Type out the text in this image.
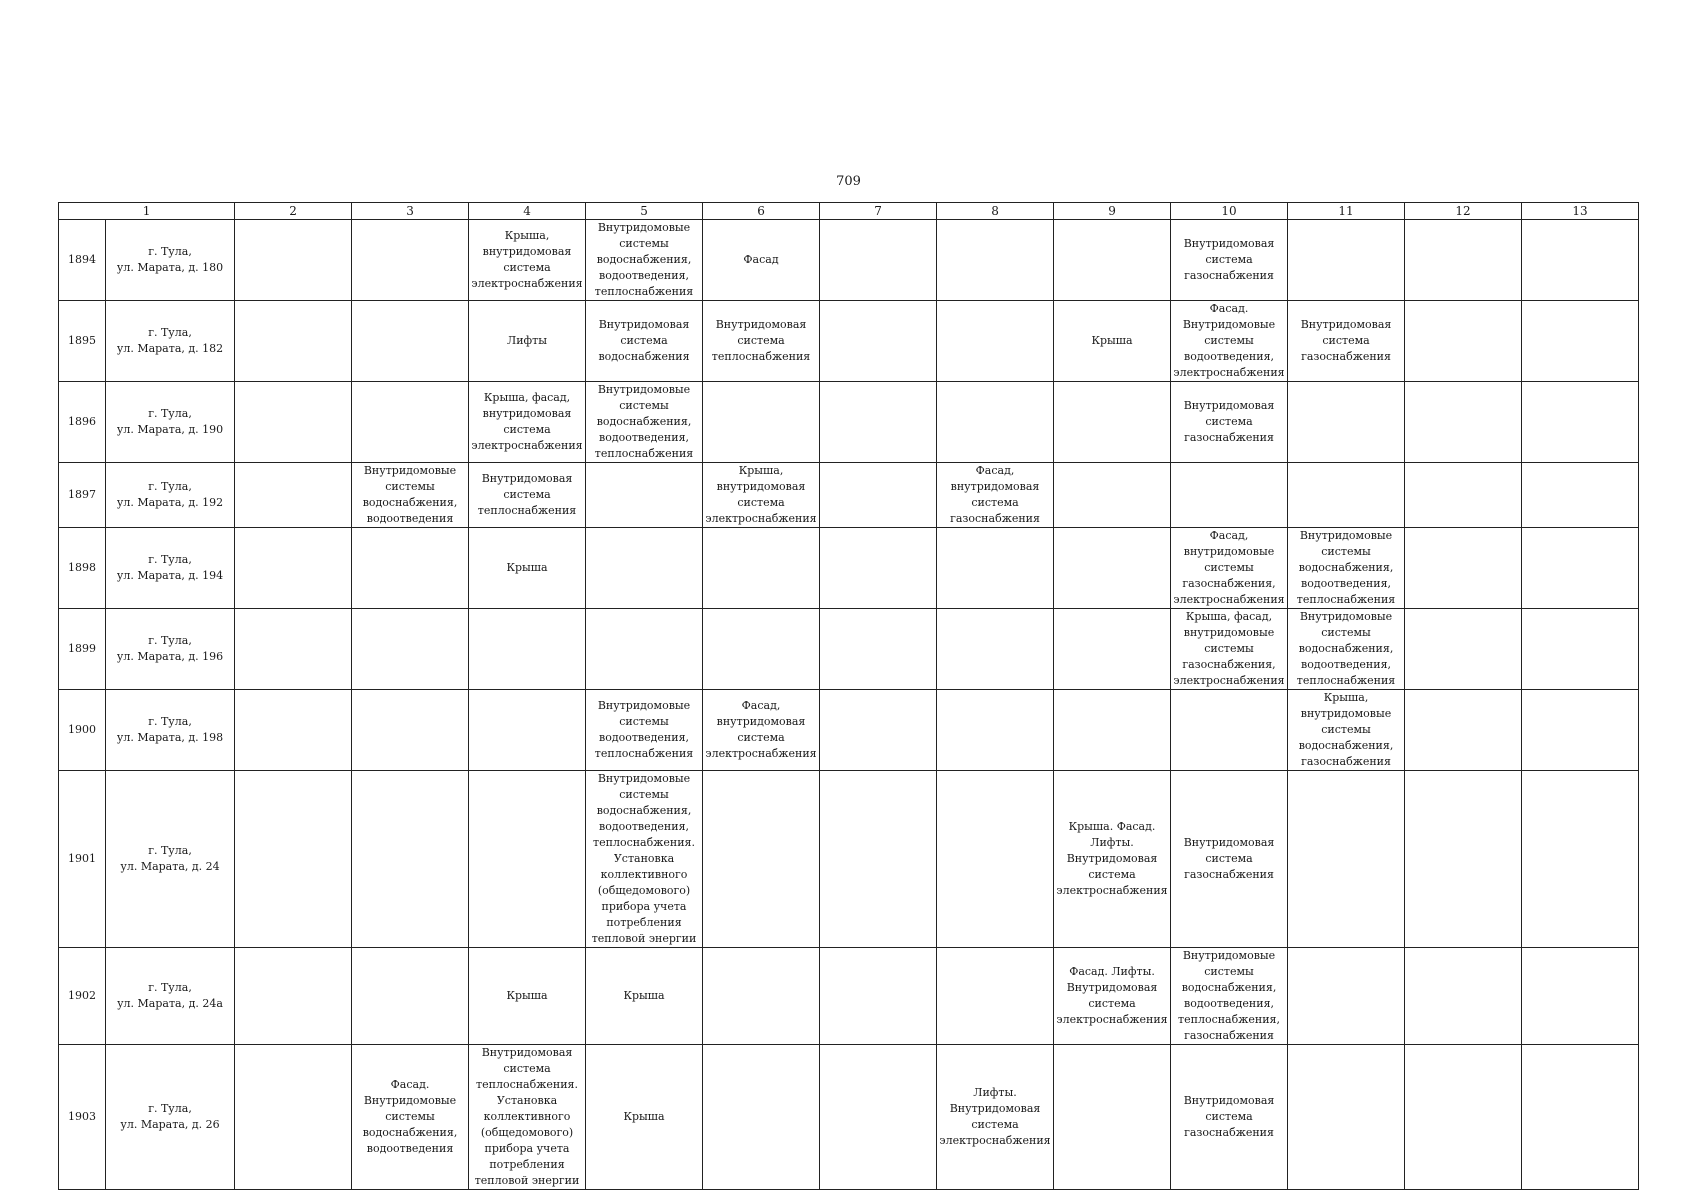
709
1		2	3	4	5	6	7	8	9	10	11	12	13
1894	г. Тула,
ул. Марата, д. 180			Крыша, внутридомовая система электроснабжения	Внутридомовые системы водоснабжения, водоотведения, теплоснабжения	Фасад				Внутридомовая система газоснабжения			

1895	г. Тула,
ул. Марата, д. 182			Лифты	Внутридомовая система водоснабжения	Внутридомовая система теплоснабжения			Крыша	Фасад. Внутридомовые системы водоотведения, электроснабжения	Внутридомовая система газоснабжения		

1896	г. Тула,
ул. Марата, д. 190			Крыша, фасад, внутридомовая система электроснабжения	Внутридомовые системы водоснабжения, водоотведения, теплоснабжения					Внутридомовая система газоснабжения			

1897	г. Тула,
ул. Марата, д. 192		Внутридомовые системы водоснабжения, водоотведения	Внутридомовая система теплоснабжения		Крыша, внутридомовая система электроснабжения		Фасад, внутридомовая система газоснабжения					

1898	г. Тула,
ул. Марата, д. 194			Крыша						Фасад, внутридомовые системы газоснабжения, электроснабжения	Внутридомовые системы водоснабжения, водоотведения, теплоснабжения		

1899	г. Тула,
ул. Марата, д. 196									Крыша, фасад, внутридомовые системы газоснабжения, электроснабжения	Внутридомовые системы водоснабжения, водоотведения, теплоснабжения		

1900	г. Тула,
ул. Марата, д. 198				Внутридомовые системы водоотведения, теплоснабжения	Фасад, внутридомовая система электроснабжения					Крыша, внутридомовые системы водоснабжения, газоснабжения		

1901	г. Тула,
ул. Марата, д. 24				Внутридомовые системы водоснабжения, водоотведения, теплоснабжения. Установка коллективного (общедомового) прибора учета потребления тепловой энергии				Крыша. Фасад. Лифты. Внутридомовая система электроснабжения	Внутридомовая система газоснабжения			

1902	г. Тула,
ул. Марата, д. 24а			Крыша	Крыша				Фасад. Лифты. Внутридомовая система электроснабжения	Внутридомовые системы водоснабжения, водоотведения, теплоснабжения, газоснабжения			

1903	г. Тула,
ул. Марата, д. 26		Фасад. Внутридомовые системы водоснабжения, водоотведения	Внутридомовая система теплоснабжения. Установка коллективного (общедомового) прибора учета потребления тепловой энергии	Крыша			Лифты. Внутридомовая система электроснабжения		Внутридомовая система газоснабжения			
